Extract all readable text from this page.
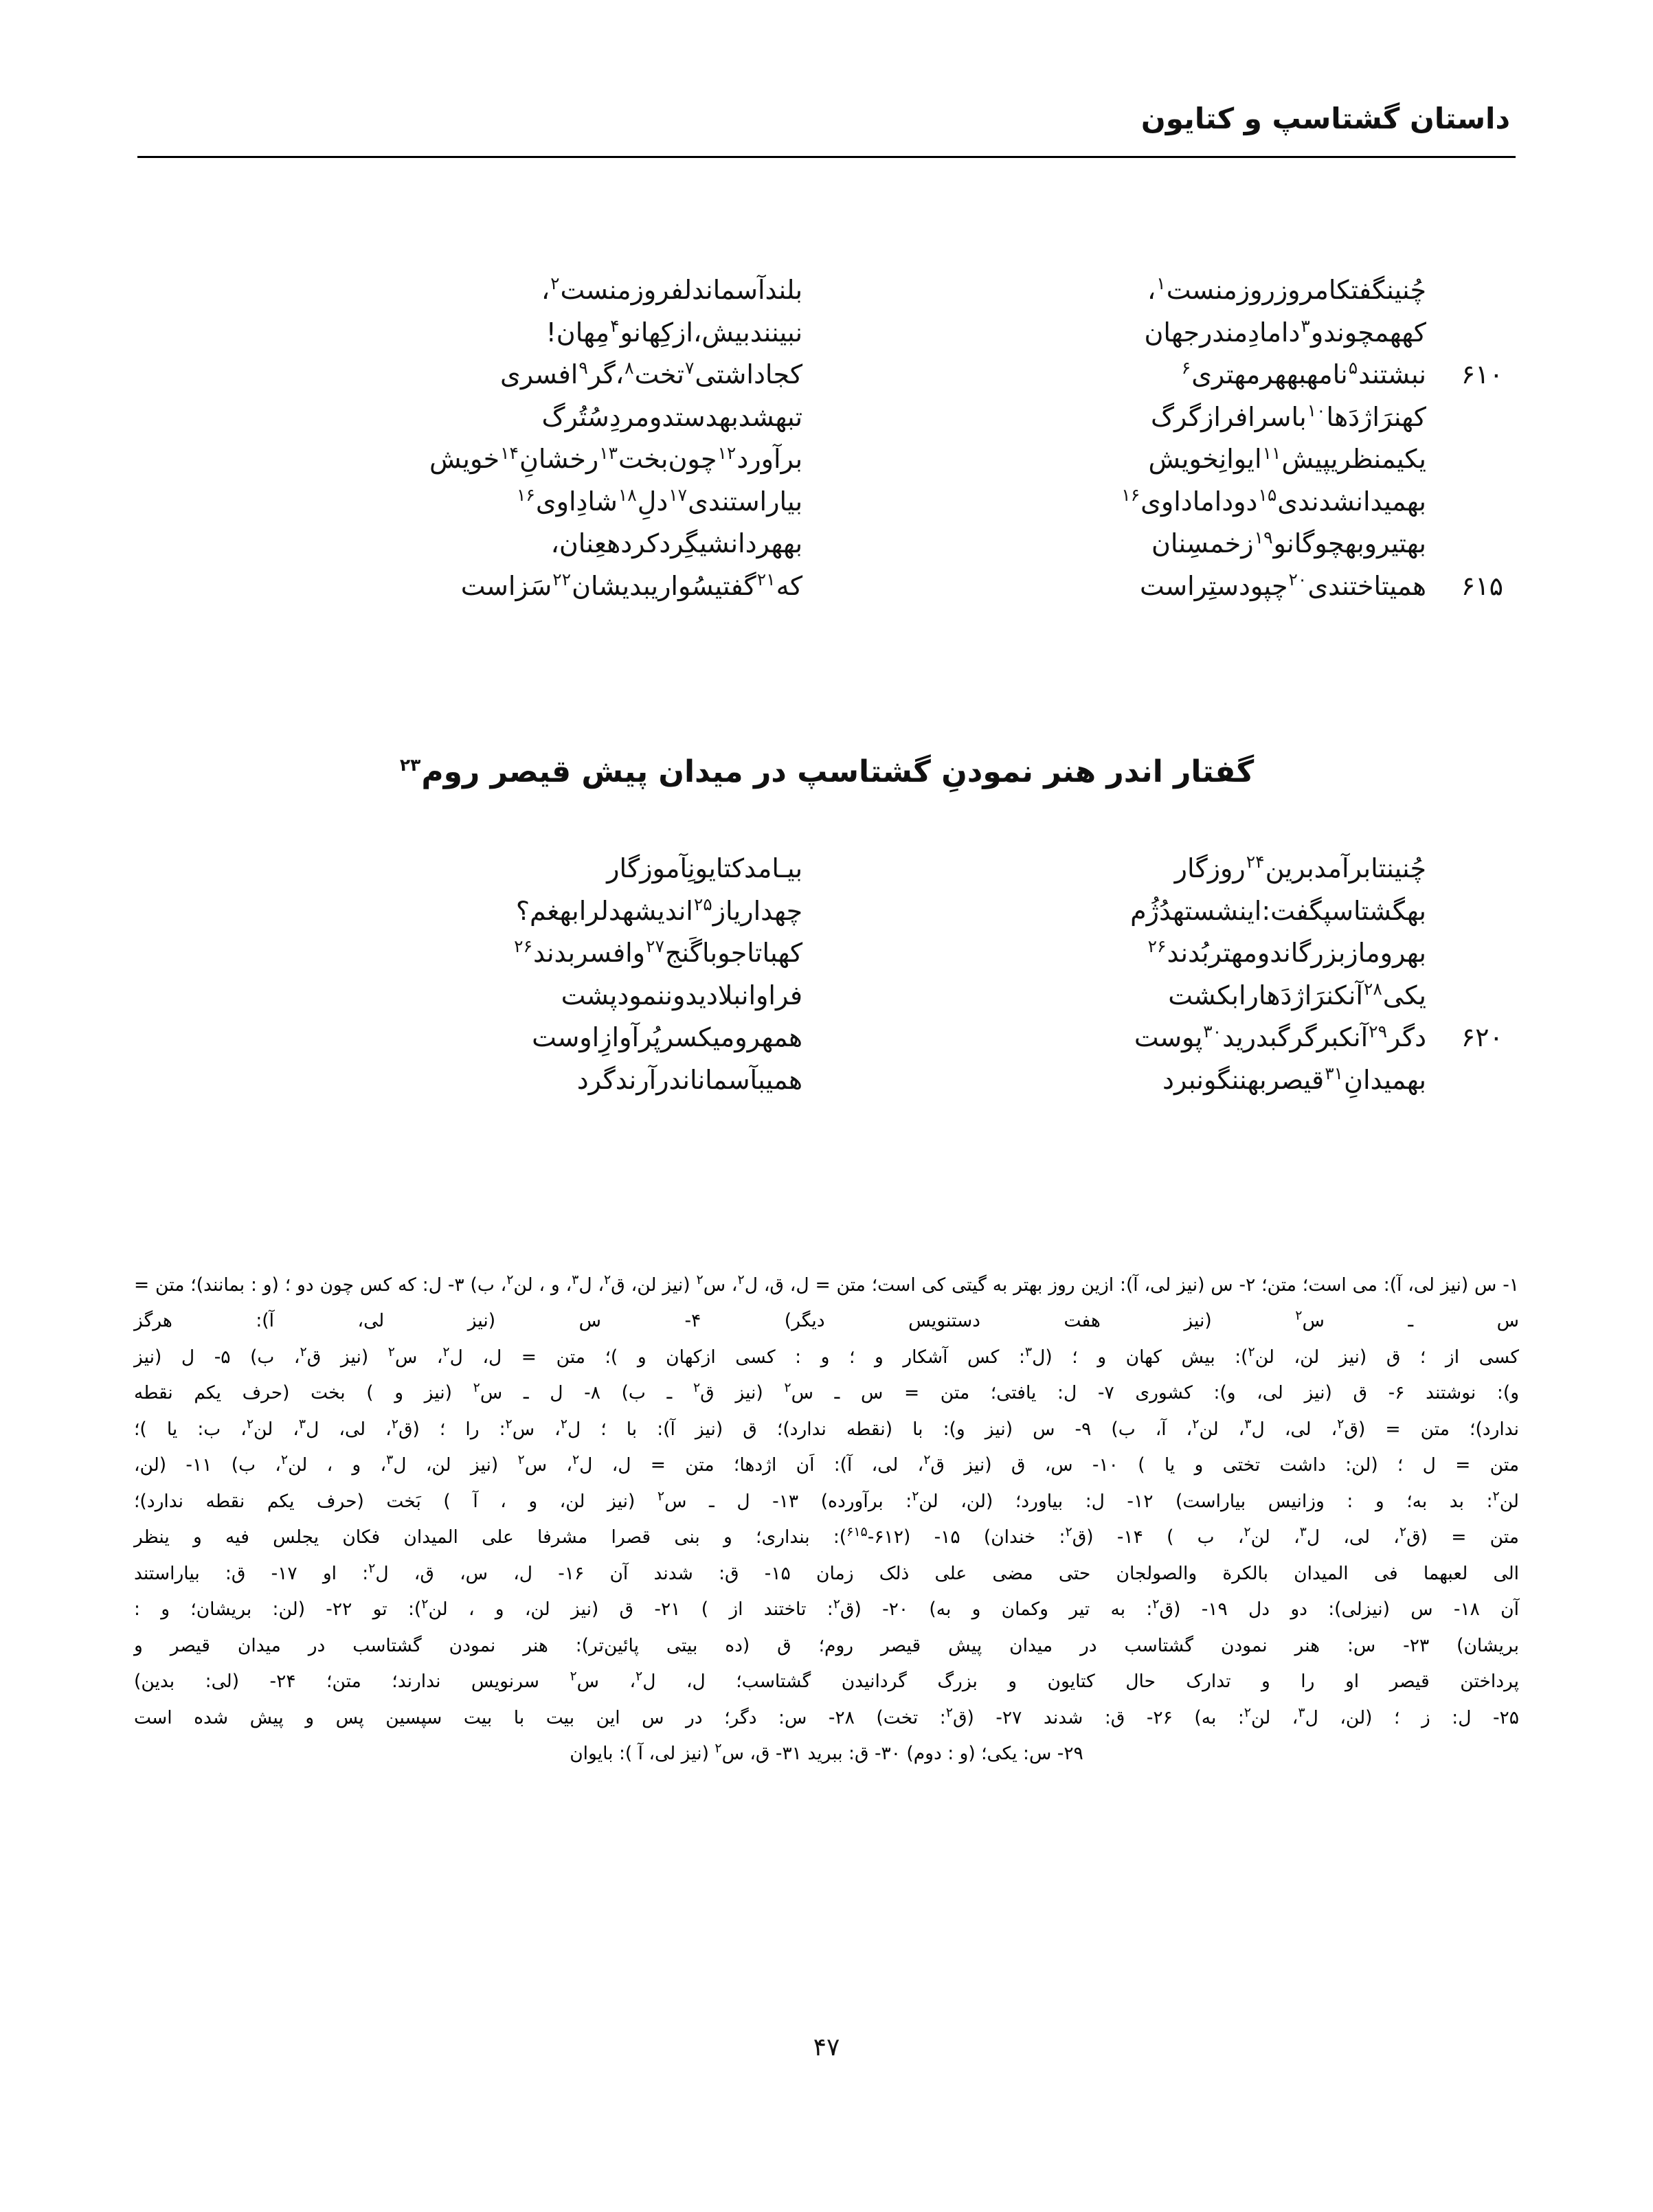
داستان گشتاسپ و کتایون
چُنینگفتکامروزروزمنست$^۱$،
بلندآسماندلفروزمنست$^۲$،
کههمچوندو$^۳$دامادِمندرجهان
نبینندبیش،ازکِهانو$^۴$مِهان!
۶۱۰
نبشتند$^۵$نامهبههرمهتری$^۶$
کجاداشتی$^۷$تخت$^۸$،گر$^۹$افسری
کهنرَاژدَها$^{۱۰}$باسرافرازگرگ
تبهشدبهدستدومردِسُتُرگ
یکیمنظریپیش$^{۱۱}$ایوانِخویش
برآورد$^{۱۲}$چون‌بخت$^{۱۳}$رخشانِ$^{۱۴}$خویش
بهمیدانشدندی$^{۱۵}$دوداماداوی$^{۱۶}$
بیاراستندی$^{۱۷}$دلِ$^{۱۸}$شادِاوی$^{۱۶}$
بهتیروبهچوگانو$^{۱۹}$زخمسِنان
بههردانشیگِردکردهعِنان،
۶۱۵
همیتاختندی$^{۲۰}$چپودستِراست
که$^{۲۱}$گفتیسُواریبدیشان$^{۲۲}$سَزاست
گفتار اندر هنر نمودنِ گشتاسپ در میدان پیش قیصر روم$^{۲۳}$
چُنینتابرآمدبرین$^{۲۴}$روزگار
بیـامدکتایونِآموزگار
بهگشتاسپگفت:اینشستهدُژُم
چهداریاز$^{۲۵}$اندیشهدلرابهغم؟
بهرومازبزرگاندومهتربُدند$^{۲۶}$
کهباتاجوباگَنج$^{۲۷}$وافسربدند$^{۲۶}$
یکی$^{۲۸}$آنکنرَاژدَهارابکشت
فراوانبلادیدوننمودپشت
۶۲۰
دگر$^{۲۹}$آنکبرگرگبدرید$^{۳۰}$پوست
همهرومیکسرپُرآوازِاوست
بهمیدانِ$^{۳۱}$قیصربهننگونبرد
همیبآسماناندرآرندگرد

۱- س (نیز لی، آ): می است؛ متن؛ ۲- س (نیز لی، آ): ازین روز بهتر به گیتی کی است؛ متن = ل، ق، ل$^۲$، س$^۲$ (نیز لن، ق$^۲$، ل$^۳$، و ، لن$^۲$، ب) ۳- ل: که کس چون دو ؛ (و : بمانند)؛ متن = س ـ س$^۲$ (نیز هفت دستنویس دیگر) ۴- س (نیز لی، آ): هرگز

کسی از ؛ ق (نیز لن، لن$^۲$): بیش کهان و ؛ (ل$^۳$: کس آشکار و ؛ و : کسی ازکهان و )؛ متن = ل، ل$^۲$، س$^۲$ (نیز ق$^۲$، ب) ۵- ل (نیز

و): نوشتند ۶- ق (نیز لی، و): کشوری ۷- ل: یافتی؛ متن = س ـ س$^۲$ (نیز ق$^۲$ ـ ب) ۸- ل ـ س$^۲$ (نیز و ) بخت (حرف یکم نقطه

ندارد)؛ متن = (ق$^۲$، لی، ل$^۳$، لن$^۲$، آ، ب) ۹- س (نیز و): با (نقطه ندارد)؛ ق (نیز آ): با ؛ ل$^۲$، س$^۲$: را ؛ (ق$^۲$، لی، ل$^۳$، لن$^۲$، ب: یا )؛

متن = ل ؛ (لن: داشت تختی و یا ) ۱۰- س، ق (نیز ق$^۲$، لی، آ): اَن اژدها؛ متن = ل، ل$^۲$، س$^۲$ (نیز لن، ل$^۳$، و ، لن$^۲$، ب) ۱۱- (لن،

لن$^۲$: بد به؛ و : وزانیس بیاراست) ۱۲- ل: بیاورد؛ (لن، لن$^۲$: برآورده) ۱۳- ل ـ س$^۲$ (نیز لن، و ، آ ) بَخت (حرف یکم نقطه ندارد)؛

متن = (ق$^۲$، لی، ل$^۳$، لن$^۲$، ب ) ۱۴- (ق$^۲$: خندان) ۱۵- (۶۱۲-$^{۶۱۵}$): بنداری؛ و بنی قصرا مشرفا علی المیدان فکان یجلس فیه و ینظر

الی لعبهما فی المیدان بالکرة والصولجان حتی مضی علی ذلک زمان ۱۵- ق: شدند آن ۱۶- ل، س، ق، ل$^۲$: او ۱۷- ق: بیاراستند

آن ۱۸- س (نیزلی): دو دل ۱۹- (ق$^۲$: به تیر وکمان و به) ۲۰- (ق$^۲$: تاختند از ) ۲۱- ق (نیز لن، و ، لن$^۲$): تو ۲۲- (لن: بریشان؛ و :

بریشان) ۲۳- س: هنر نمودن گشتاسب در میدان پیش قیصر روم؛ ق (ده بیتی پائین‌تر): هنر نمودن گشتاسب در میدان قیصر و

پرداختن قیصر او را و تدارک حال کتایون و بزرگ گردانیدن گشتاسب؛ ل، ل$^۲$، س$^۲$ سرنویس ندارند؛ متن؛ ۲۴- (لی: بدین)

۲۵- ل: ز ؛ (لن، ل$^۳$، لن$^۲$: به) ۲۶- ق: شدند ۲۷- (ق$^۲$: تخت) ۲۸- س: دگر؛ در س این بیت با بیت سپسین پس و پیش شده است

۲۹- س: یکی؛ (و : دوم) ۳۰- ق: ببرید ۳۱- ق، س$^۲$ (نیز لی، آ ): بایوان

۴۷
